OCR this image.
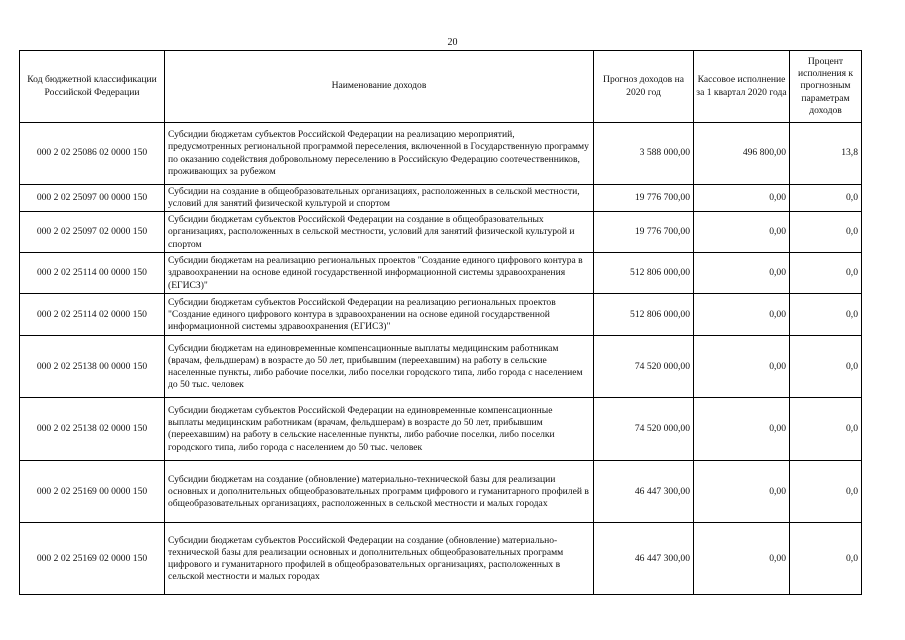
20
Код бюджетной классификации Российской Федерации	Наименование доходов	Прогноз доходов на 2020 год	Кассовое исполнение за 1 квартал 2020 года	Процент исполнения к прогнозным параметрам доходов
000 2 02 25086 02 0000 150	Субсидии бюджетам субъектов Российской Федерации на реализацию мероприятий, предусмотренных региональной программой переселения, включенной в Государственную программу по оказанию содействия добровольному переселению в Российскую Федерацию соотечественников, проживающих за рубежом	3 588 000,00	496 800,00	13,8
000 2 02 25097 00 0000 150	Субсидии на создание в общеобразовательных организациях, расположенных в сельской местности, условий для занятий физической культурой и спортом	19 776 700,00	0,00	0,0
000 2 02 25097 02 0000 150	Субсидии бюджетам субъектов Российской Федерации на создание в общеобразовательных организациях, расположенных в сельской местности, условий для занятий физической культурой и спортом	19 776 700,00	0,00	0,0
000 2 02 25114 00 0000 150	Субсидии бюджетам на реализацию региональных проектов "Создание единого цифрового контура в здравоохранении на основе единой государственной информационной системы здравоохранения (ЕГИСЗ)"	512 806 000,00	0,00	0,0
000 2 02 25114 02 0000 150	Субсидии бюджетам субъектов Российской Федерации на реализацию региональных проектов "Создание единого цифрового контура в здравоохранении на основе единой государственной информационной системы здравоохранения (ЕГИСЗ)"	512 806 000,00	0,00	0,0
000 2 02 25138 00 0000 150	Субсидии бюджетам на единовременные компенсационные выплаты медицинским работникам (врачам, фельдшерам) в возрасте до 50 лет, прибывшим (переехавшим) на работу в сельские населенные пункты, либо рабочие поселки, либо поселки городского типа, либо города с населением до 50 тыс. человек	74 520 000,00	0,00	0,0
000 2 02 25138 02 0000 150	Субсидии бюджетам субъектов Российской Федерации на единовременные компенсационные выплаты медицинским работникам (врачам, фельдшерам) в возрасте до 50 лет, прибывшим (переехавшим) на работу в сельские населенные пункты, либо рабочие поселки, либо поселки городского типа, либо города с населением до 50 тыс. человек	74 520 000,00	0,00	0,0
000 2 02 25169 00 0000 150	Субсидии бюджетам на создание (обновление) материально-технической базы для реализации основных и дополнительных общеобразовательных программ цифрового и гуманитарного профилей в общеобразовательных организациях, расположенных в сельской местности и малых городах	46 447 300,00	0,00	0,0
000 2 02 25169 02 0000 150	Субсидии бюджетам субъектов Российской Федерации на создание (обновление) материально-технической базы для реализации основных и дополнительных общеобразовательных программ цифрового и гуманитарного профилей в общеобразовательных организациях, расположенных в сельской местности и малых городах	46 447 300,00	0,00	0,0
